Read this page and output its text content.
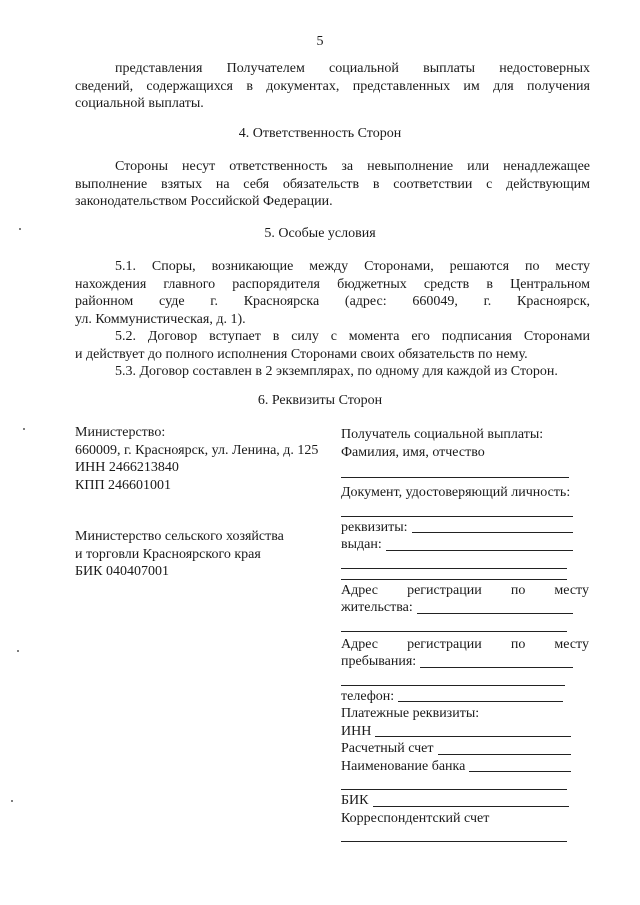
5
представления Получателем социальной выплаты недостоверных
сведений, содержащихся в документах, представленных им для получения
социальной выплаты.
4. Ответственность Сторон
Стороны несут ответственность за невыполнение или ненадлежащее
выполнение взятых на себя обязательств в соответствии с действующим
законодательством Российской Федерации.
5. Особые условия
5.1. Споры, возникающие между Сторонами, решаются по месту
нахождения главного распорядителя бюджетных средств в Центральном
районном суде г. Красноярска (адрес: 660049, г. Красноярск,
ул. Коммунистическая, д. 1).
5.2. Договор вступает в силу с момента его подписания Сторонами
и действует до полного исполнения Сторонами своих обязательств по нему.
5.3. Договор составлен в 2 экземплярах, по одному для каждой из Сторон.
6. Реквизиты Сторон
Министерство:
660009, г. Красноярск, ул. Ленина, д. 125
ИНН 2466213840
КПП 246601001
Министерство сельского хозяйства
и торговли Красноярского края
БИК 040407001
Получатель социальной выплаты:
Фамилия, имя, отчество
Документ, удостоверяющий личность:
реквизиты:
выдан:
Адрес регистрации по месту
жительства:
Адрес регистрации по месту
пребывания:
телефон:
Платежные реквизиты:
ИНН
Расчетный счет
Наименование банка
БИК
Корреспондентский счет
